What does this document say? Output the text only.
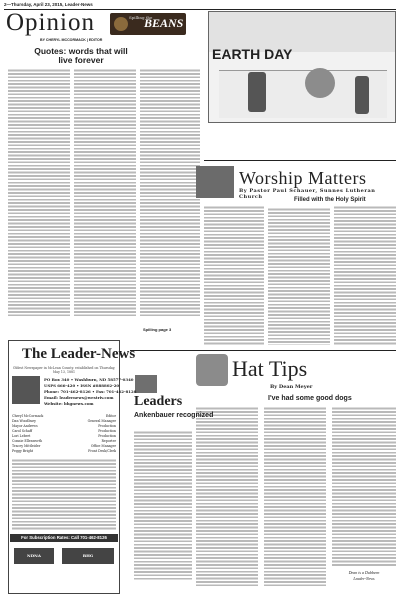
2—Thursday, April 23, 2015, Leader-News
Opinion	Spilling the
BEANS
BY CHERYL MCCORMACK | EDITOR
Quotes: words that will live forever
Spilling page 3
EARTH DAY
Worship Matters
By Pastor Paul Schauer, Sunnes Lutheran Church	Filled with the Holy Spirit
Hat Tips
By Dean Meyer
I've had some good dogs
Dean is a Dubbeen
Leader-News
Leaders
Ankenbauer recognized
The Leader-News
Oldest Newspaper in McLean County. established on Thursday, May 13, 1881
PO Box 340 • Washburn, ND 58577-0340
USPS 666-420 • ISSN #888802-20
Phone: 701-462-8126 • Fax: 701-462-8128
Email: leadernews@westriv.com
Website: bhgnews.com
Cheryl McCormack	Editor
Dan Woodbury	General Manager
Mayor Andrews	Production
Carol Schaff	Production
Lori Lebert	Production
Connie Ellenworth	Reporter
Tracey Mittleider	Office Manager
Peggy Bright	Front Desk/Clerk
For Subscription Rates: Call 701-462-8126
NDNA	BHG
